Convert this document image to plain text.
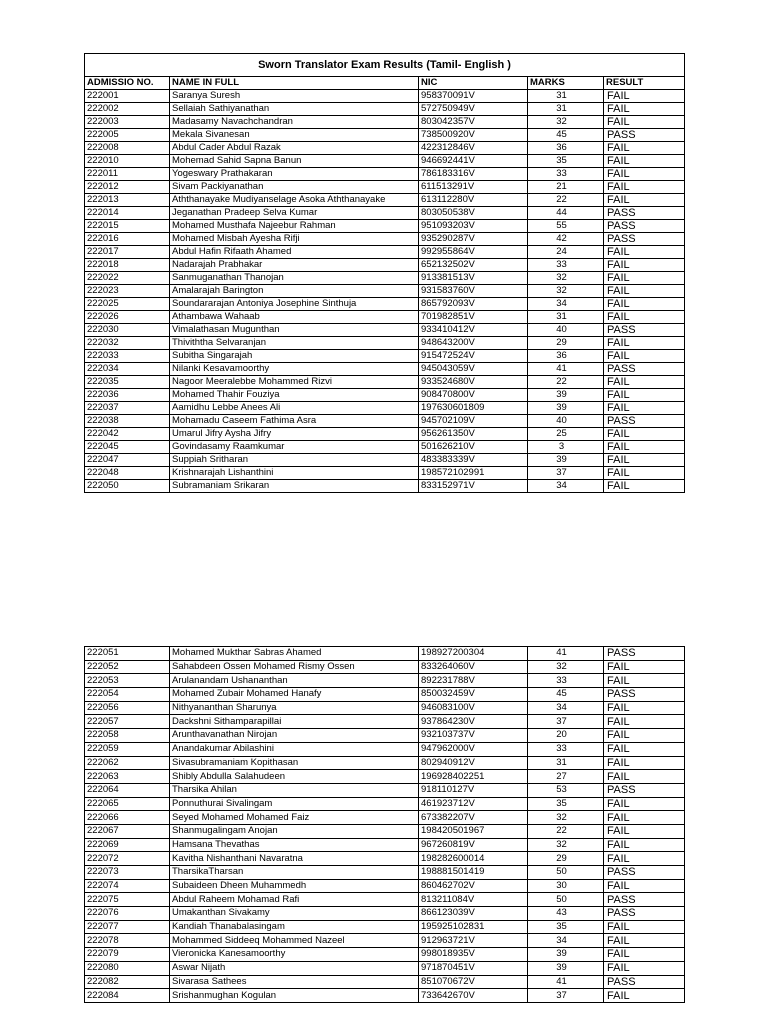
Sworn Translator Exam Results (Tamil- English )				
ADMISSIO NO.	NAME IN FULL	NIC	MARKS	RESULT
222001	Saranya Suresh	958370091V	31	FAIL
222002	Sellaiah Sathiyanathan	572750949V	31	FAIL
222003	Madasamy Navachchandran	803042357V	32	FAIL
222005	Mekala Sivanesan	738500920V	45	PASS
222008	Abdul Cader Abdul Razak	422312846V	36	FAIL
222010	Mohemad Sahid Sapna Banun	946692441V	35	FAIL
222011	Yogeswary Prathakaran	786183316V	33	FAIL
222012	Sivam Packiyanathan	611513291V	21	FAIL
222013	Aththanayake Mudiyanselage Asoka Aththanayake	613112280V	22	FAIL
222014	Jeganathan Pradeep Selva Kumar	803050538V	44	PASS
222015	Mohamed Musthafa Najeebur Rahman	951093203V	55	PASS
222016	Mohamed Misbah Ayesha Rifji	935290287V	42	PASS
222017	Abdul Hafin Rifaath Ahamed	992955864V	24	FAIL
222018	Nadarajah Prabhakar	652132502V	33	FAIL
222022	Sanmuganathan Thanojan	913381513V	32	FAIL
222023	Amalarajah Barington	931583760V	32	FAIL
222025	Soundararajan Antoniya Josephine Sinthuja	865792093V	34	FAIL
222026	Athambawa Wahaab	701982851V	31	FAIL
222030	Vimalathasan Mugunthan	933410412V	40	PASS
222032	Thiviththa Selvaranjan	948643200V	29	FAIL
222033	Subitha Singarajah	915472524V	36	FAIL
222034	Nilanki Kesavamoorthy	945043059V	41	PASS
222035	Nagoor Meeralebbe Mohammed Rizvi	933524680V	22	FAIL
222036	Mohamed Thahir Fouziya	908470800V	39	FAIL
222037	Aamidhu Lebbe Anees Ali	197630601809	39	FAIL
222038	Mohamadu Caseem Fathima Asra	945702109V	40	PASS
222042	Umarul Jifry Aysha Jifry	956261350V	25	FAIL
222045	Govindasamy Raamkumar	501626210V	3	FAIL
222047	Suppiah Sritharan	483383339V	39	FAIL
222048	Krishnarajah Lishanthini	198572102991	37	FAIL
222050	Subramaniam Srikaran	833152971V	34	FAIL
222051	Mohamed Mukthar Sabras Ahamed	198927200304	41	PASS
222052	Sahabdeen Ossen Mohamed Rismy Ossen	833264060V	32	FAIL
222053	Arulanandam Ushananthan	892231788V	33	FAIL
222054	Mohamed Zubair Mohamed Hanafy	850032459V	45	PASS
222056	Nithyananthan Sharunya	946083100V	34	FAIL
222057	Dackshni Sithamparapillai	937864230V	37	FAIL
222058	Arunthavanathan Nirojan	932103737V	20	FAIL
222059	Anandakumar Abilashini	947962000V	33	FAIL
222062	Sivasubramaniam Kopithasan	802940912V	31	FAIL
222063	Shibly Abdulla Salahudeen	196928402251	27	FAIL
222064	Tharsika Ahilan	918110127V	53	PASS
222065	Ponnuthurai Sivalingam	461923712V	35	FAIL
222066	Seyed Mohamed Mohamed Faiz	673382207V	32	FAIL
222067	Shanmugalingam Anojan	198420501967	22	FAIL
222069	Hamsana Thevathas	967260819V	32	FAIL
222072	Kavitha Nishanthani Navaratna	198282600014	29	FAIL
222073	TharsikaTharsan	198881501419	50	PASS
222074	Subaideen Dheen Muhammedh	860462702V	30	FAIL
222075	Abdul Raheem Mohamad Rafi	813211084V	50	PASS
222076	Umakanthan Sivakamy	866123039V	43	PASS
222077	Kandiah Thanabalasingam	195925102831	35	FAIL
222078	Mohammed Siddeeq Mohammed Nazeel	912963721V	34	FAIL
222079	Vieronicka Kanesamoorthy	998018935V	39	FAIL
222080	Aswar Nijath	971870451V	39	FAIL
222082	Sivarasa Sathees	851070672V	41	PASS
222084	Srishanmughan Kogulan	733642670V	37	FAIL
